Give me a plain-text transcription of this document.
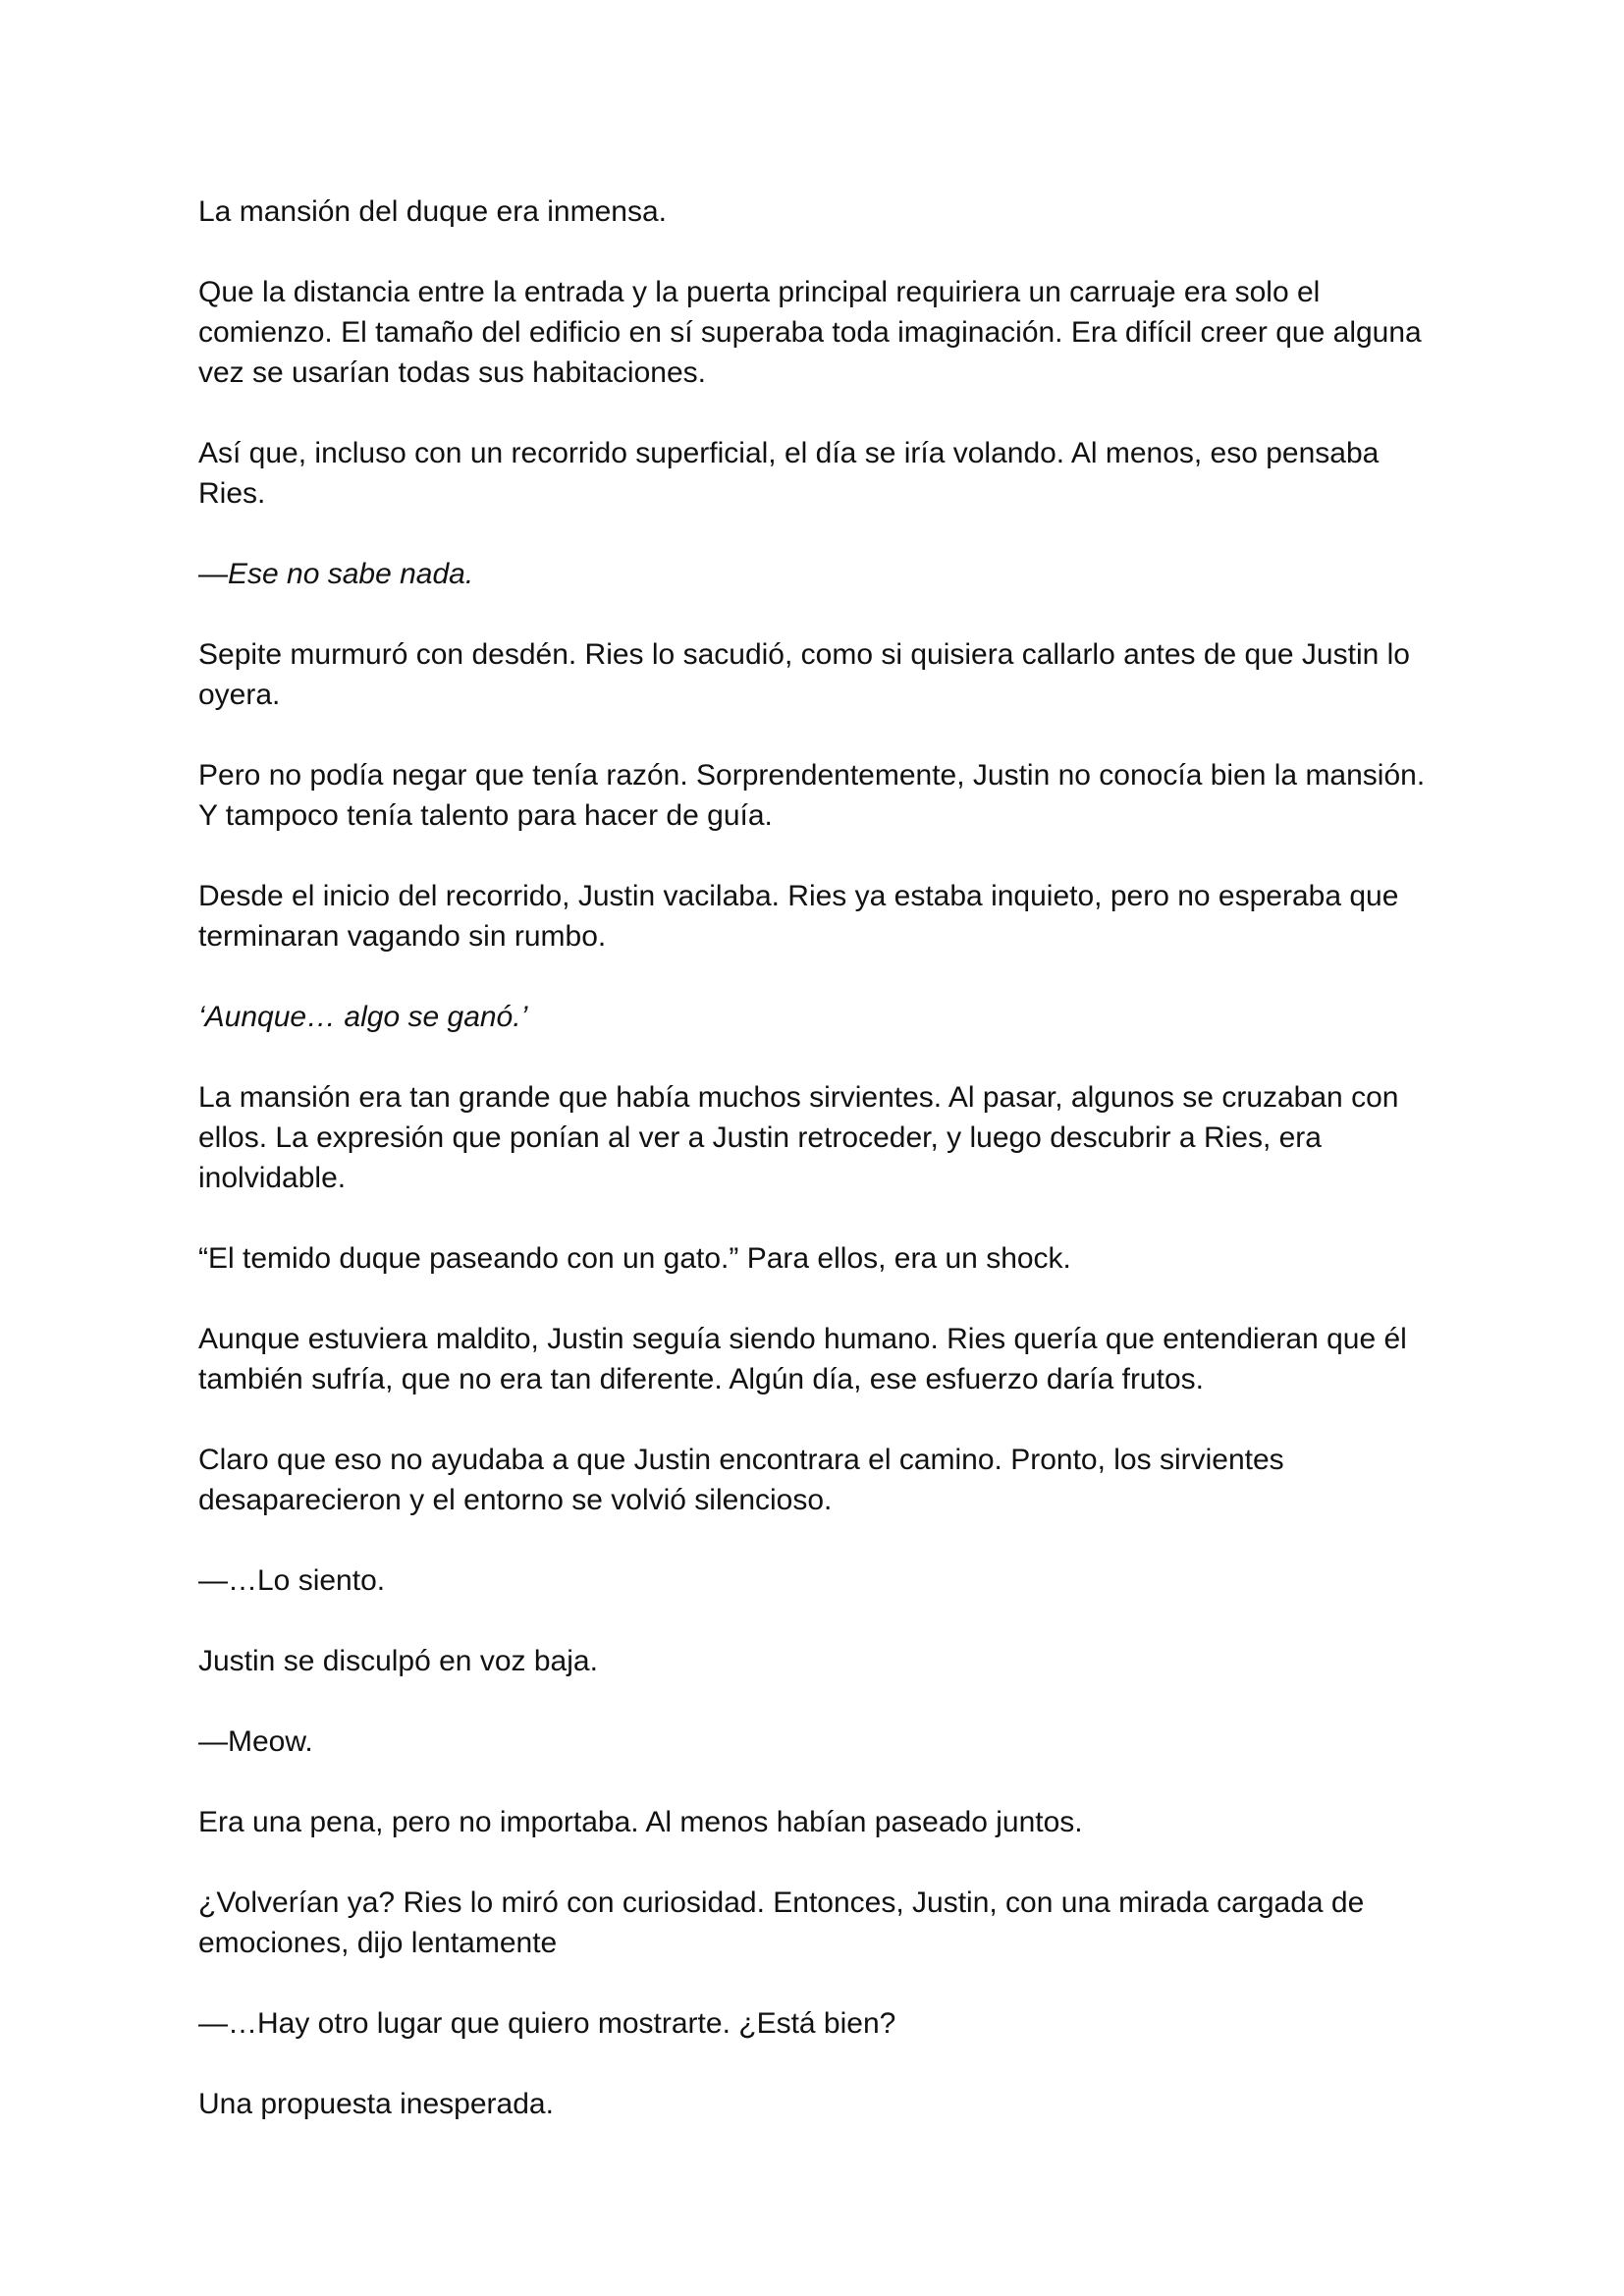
La mansión del duque era inmensa.

Que la distancia entre la entrada y la puerta principal requiriera un carruaje era solo el comienzo. El tamaño del edificio en sí superaba toda imaginación. Era difícil creer que alguna vez se usarían todas sus habitaciones.

Así que, incluso con un recorrido superficial, el día se iría volando. Al menos, eso pensaba Ries.

—Ese no sabe nada.

Sepite murmuró con desdén. Ries lo sacudió, como si quisiera callarlo antes de que Justin lo oyera.

Pero no podía negar que tenía razón. Sorprendentemente, Justin no conocía bien la mansión. Y tampoco tenía talento para hacer de guía.

Desde el inicio del recorrido, Justin vacilaba. Ries ya estaba inquieto, pero no esperaba que terminaran vagando sin rumbo.

‘Aunque… algo se ganó.’

La mansión era tan grande que había muchos sirvientes. Al pasar, algunos se cruzaban con ellos. La expresión que ponían al ver a Justin retroceder, y luego descubrir a Ries, era inolvidable.

“El temido duque paseando con un gato.” Para ellos, era un shock.

Aunque estuviera maldito, Justin seguía siendo humano. Ries quería que entendieran que él también sufría, que no era tan diferente. Algún día, ese esfuerzo daría frutos.

Claro que eso no ayudaba a que Justin encontrara el camino. Pronto, los sirvientes desaparecieron y el entorno se volvió silencioso.

—…Lo siento.

Justin se disculpó en voz baja.

—Meow.

Era una pena, pero no importaba. Al menos habían paseado juntos.

¿Volverían ya? Ries lo miró con curiosidad. Entonces, Justin, con una mirada cargada de emociones, dijo lentamente

—…Hay otro lugar que quiero mostrarte. ¿Está bien?

Una propuesta inesperada.
